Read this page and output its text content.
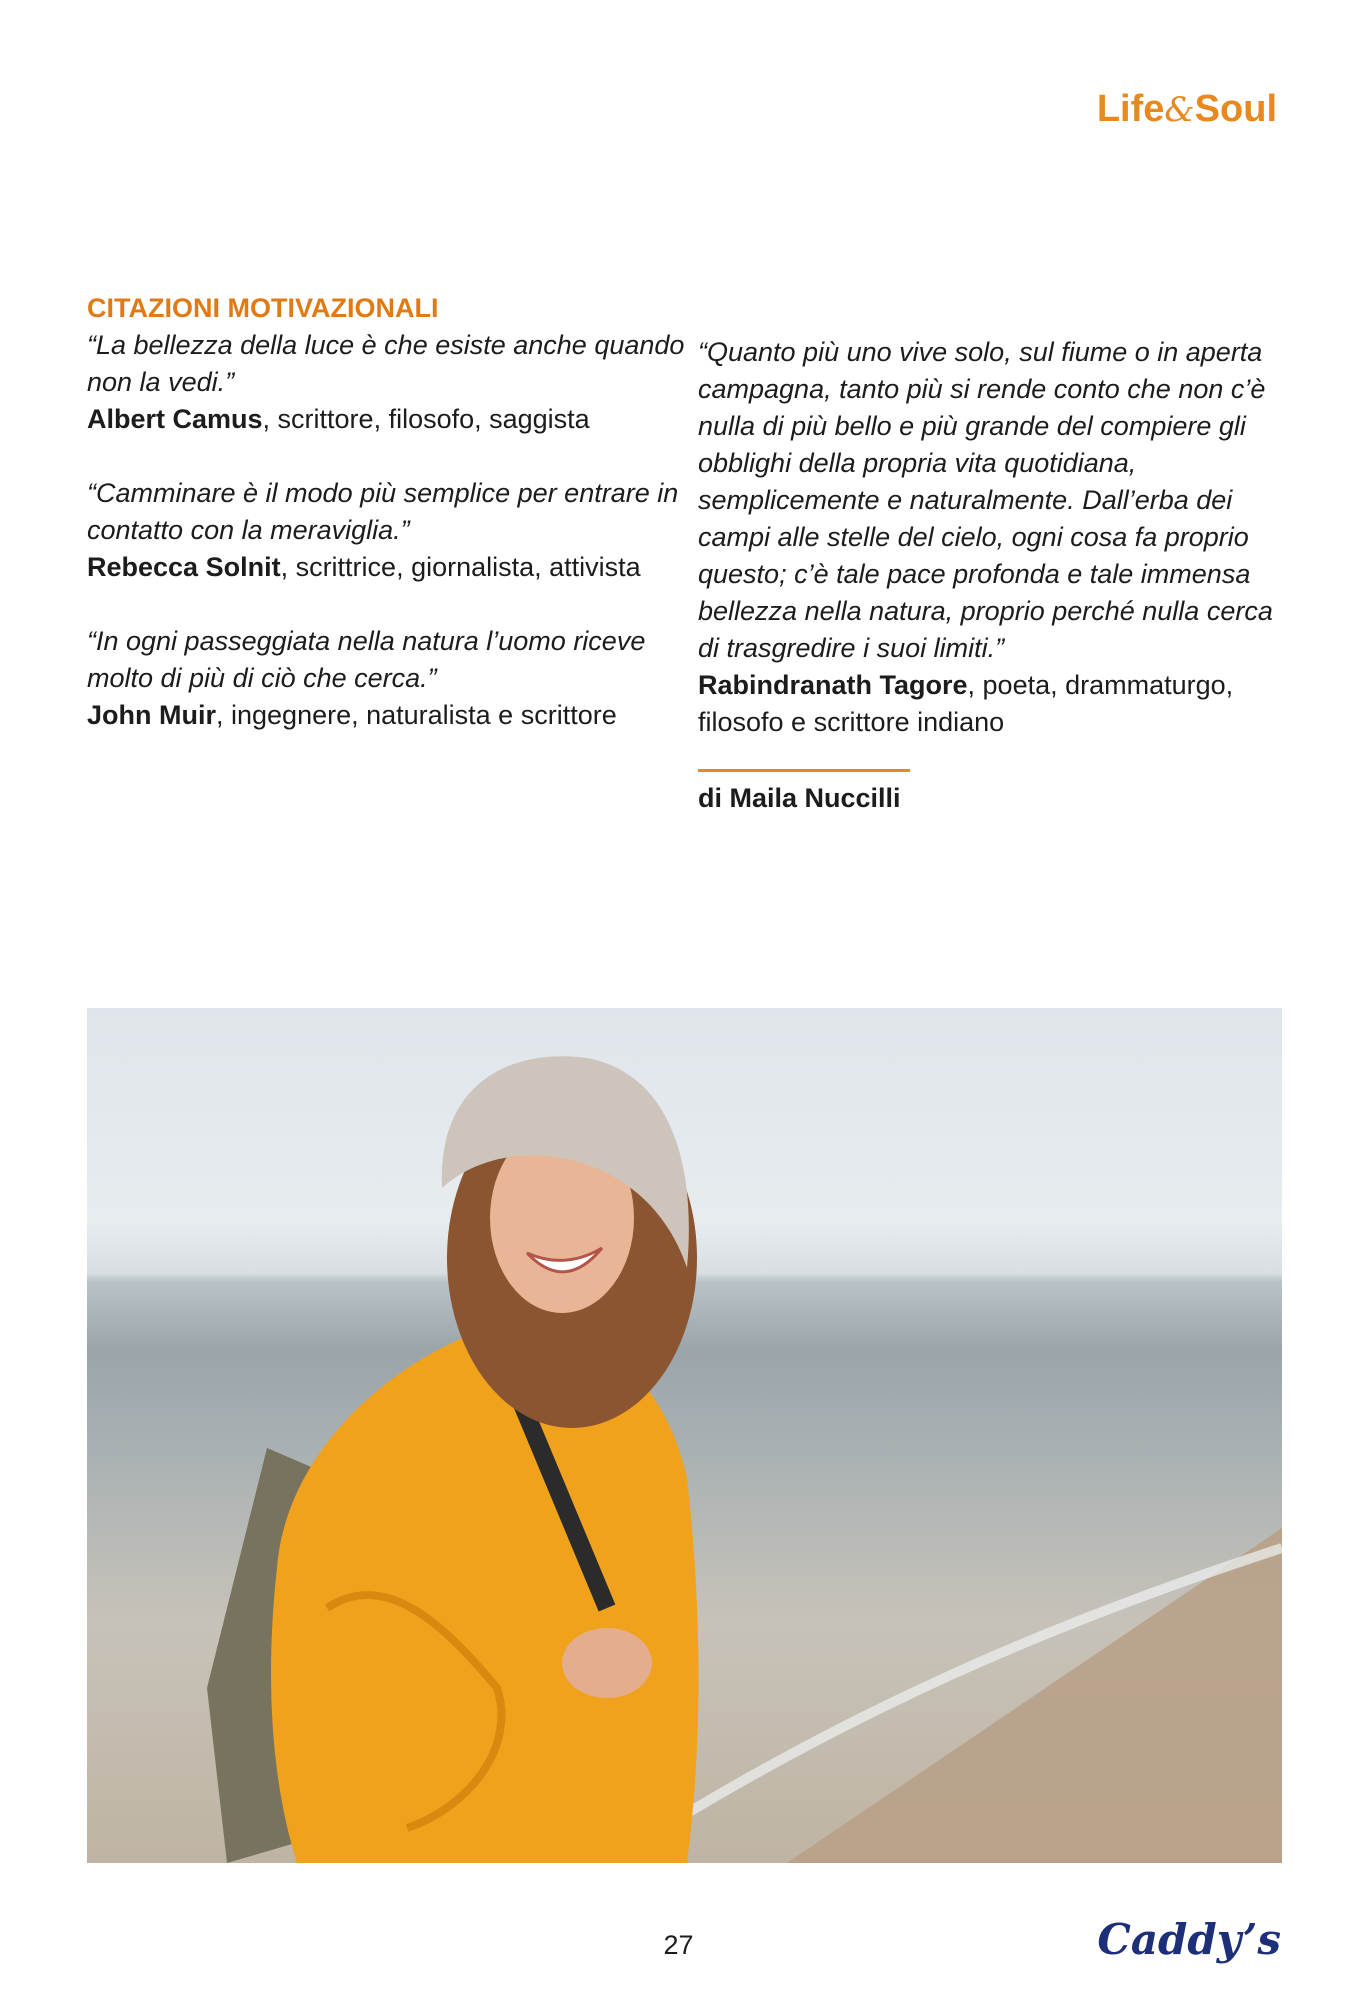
Life&Soul
CITAZIONI MOTIVAZIONALI
“La bellezza della luce è che esiste anche quando non la vedi.”
Albert Camus, scrittore, filosofo, saggista
“Camminare è il modo più semplice per entrare in contatto con la meraviglia.”
Rebecca Solnit, scrittrice, giornalista, attivista
“In ogni passeggiata nella natura l’uomo riceve molto di più di ciò che cerca.”
John Muir, ingegnere, naturalista e scrittore
“Quanto più uno vive solo, sul fiume o in aperta campagna, tanto più si rende conto che non c’è nulla di più bello e più grande del compiere gli obblighi della propria vita quotidiana, semplicemente e naturalmente. Dall’erba dei campi alle stelle del cielo, ogni cosa fa proprio questo; c’è tale pace profonda e tale immensa bellezza nella natura, proprio perché nulla cerca di trasgredire i suoi limiti.”
Rabindranath Tagore, poeta, drammaturgo, filosofo e scrittore indiano
di Maila Nuccilli
27	Caddy’s
